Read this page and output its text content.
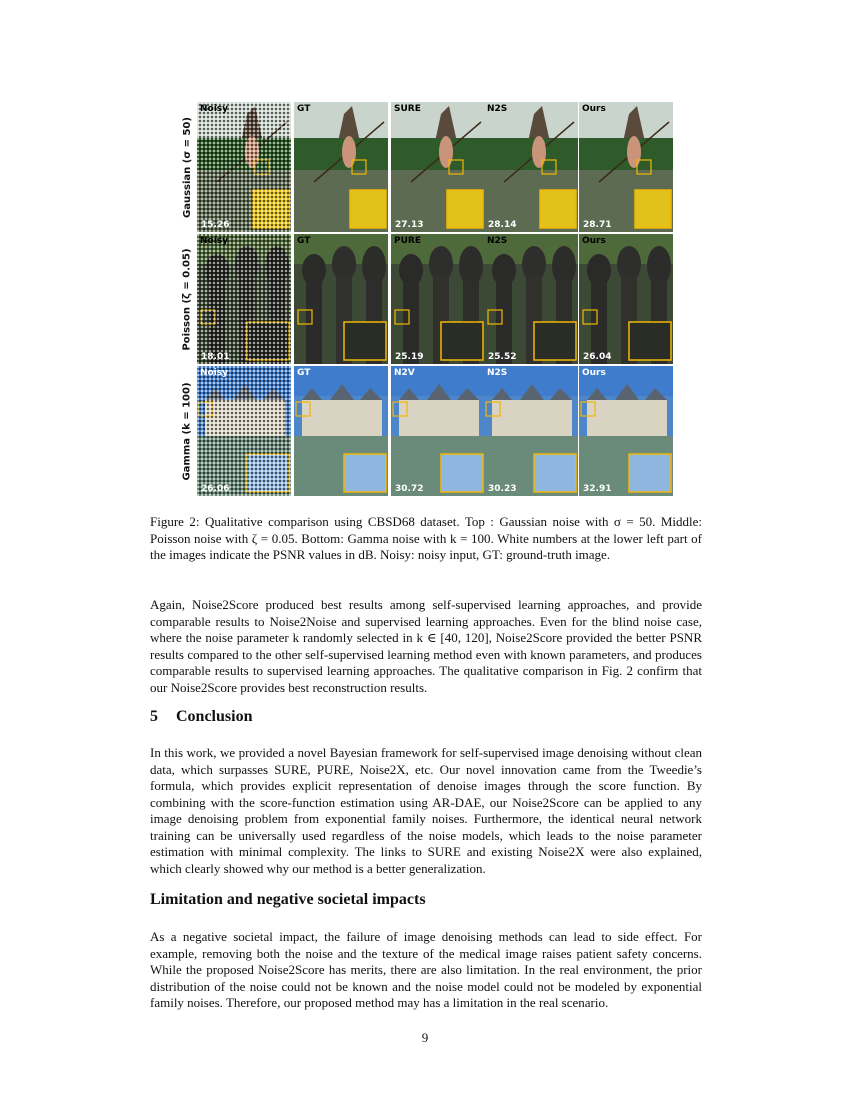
Gaussian (σ = 50)
Poisson (ζ = 0.05)
Gamma (k = 100)
Noisy
15.26
GT	SURE
27.13
N2S
28.14
Ours
28.71
Noisy
18.01
GT	PURE
25.19
N2S
25.52
Ours
26.04
Noisy
26.06
GT	N2V
30.72
N2S
30.23
Ours
32.91
Figure 2: Qualitative comparison using CBSD68 dataset. Top : Gaussian noise with σ = 50. Middle: Poisson noise with ζ = 0.05. Bottom: Gamma noise with k = 100. White numbers at the lower left part of the images indicate the PSNR values in dB. Noisy: noisy input, GT: ground-truth image.

Again, Noise2Score produced best results among self-supervised learning approaches, and provide comparable results to Noise2Noise and supervised learning approaches. Even for the blind noise case, where the noise parameter k randomly selected in k ∈ [40, 120], Noise2Score provided the better PSNR results compared to the other self-supervised learning method even with known parameters, and produces comparable results to supervised learning approaches. The qualitative comparison in Fig. 2 confirm that our Noise2Score provides best reconstruction results.

5 Conclusion

In this work, we provided a novel Bayesian framework for self-supervised image denoising without clean data, which surpasses SURE, PURE, Noise2X, etc. Our novel innovation came from the Tweedie’s formula, which provides explicit representation of denoise images through the score function. By combining with the score-function estimation using AR-DAE, our Noise2Score can be applied to any image denoising problem from exponential family noises. Furthermore, the identical neural network training can be universally used regardless of the noise models, which leads to the noise parameter estimation with minimal complexity. The links to SURE and existing Noise2X were also explained, which clearly showed why our method is a better generalization.

Limitation and negative societal impacts

As a negative societal impact, the failure of image denoising methods can lead to side effect. For example, removing both the noise and the texture of the medical image raises patient safety concerns. While the proposed Noise2Score has merits, there are also limitation. In the real environment, the prior distribution of the noise could not be known and the noise model could not be modeled by exponential family noises. Therefore, our proposed method may has a limitation in the real scenario.

9
